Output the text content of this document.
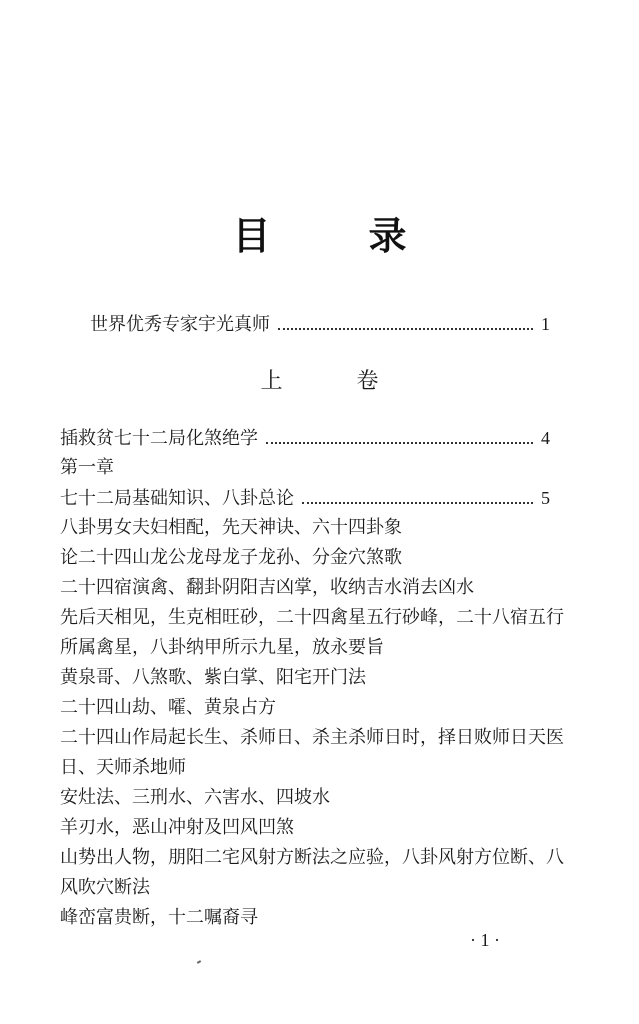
目　录
世界优秀专家宇光真师	1
上　卷
插救贫七十二局化煞绝学	4
第一章
七十二局基础知识、八卦总论	5
八卦男女夫妇相配，先天神诀、六十四卦象
论二十四山龙公龙母龙子龙孙、分金穴煞歌
二十四宿演禽、翻卦阴阳吉凶掌，收纳吉水消去凶水
先后天相见，生克相旺砂，二十四禽星五行砂峰，二十八宿五行
所属禽星，八卦纳甲所示九星，放永要旨
黄泉哥、八煞歌、紫白掌、阳宅开门法
二十四山劫、嚯、黄泉占方
二十四山作局起长生、杀师日、杀主杀师日时，择日败师日天医
日、天师杀地师
安灶法、三刑水、六害水、四坡水
羊刃水，恶山冲射及凹风凹煞
山势出人物，朋阳二宅风射方断法之应验，八卦风射方位断、八
风吹穴断法
峰峦富贵断，十二嘱裔寻
· 1 ·
